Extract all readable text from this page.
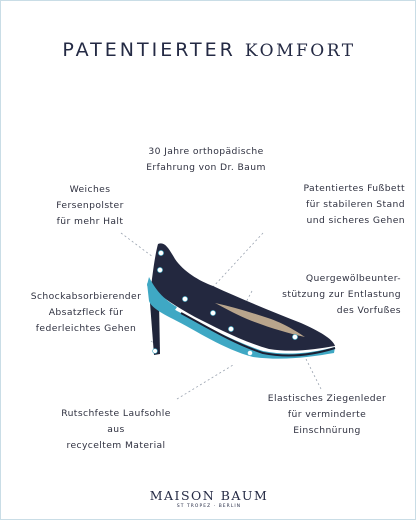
PATENTIERTER KOMFORT
30 Jahre orthopädische
Erfahrung von Dr. Baum
Weiches
Fersenpolster
für mehr Halt
Patentiertes Fußbett
für stabileren Stand
und sicheres Gehen
Quergewölbeunter-
stützung zur Entlastung
des Vorfußes
Schockabsorbierender
Absatzfleck für
federleichtes Gehen
Rutschfeste Laufsohle
aus
recyceltem Material
Elastisches Ziegenleder
für verminderte
Einschnürung
MAISON BAUM
ST TROPEZ · BERLIN
